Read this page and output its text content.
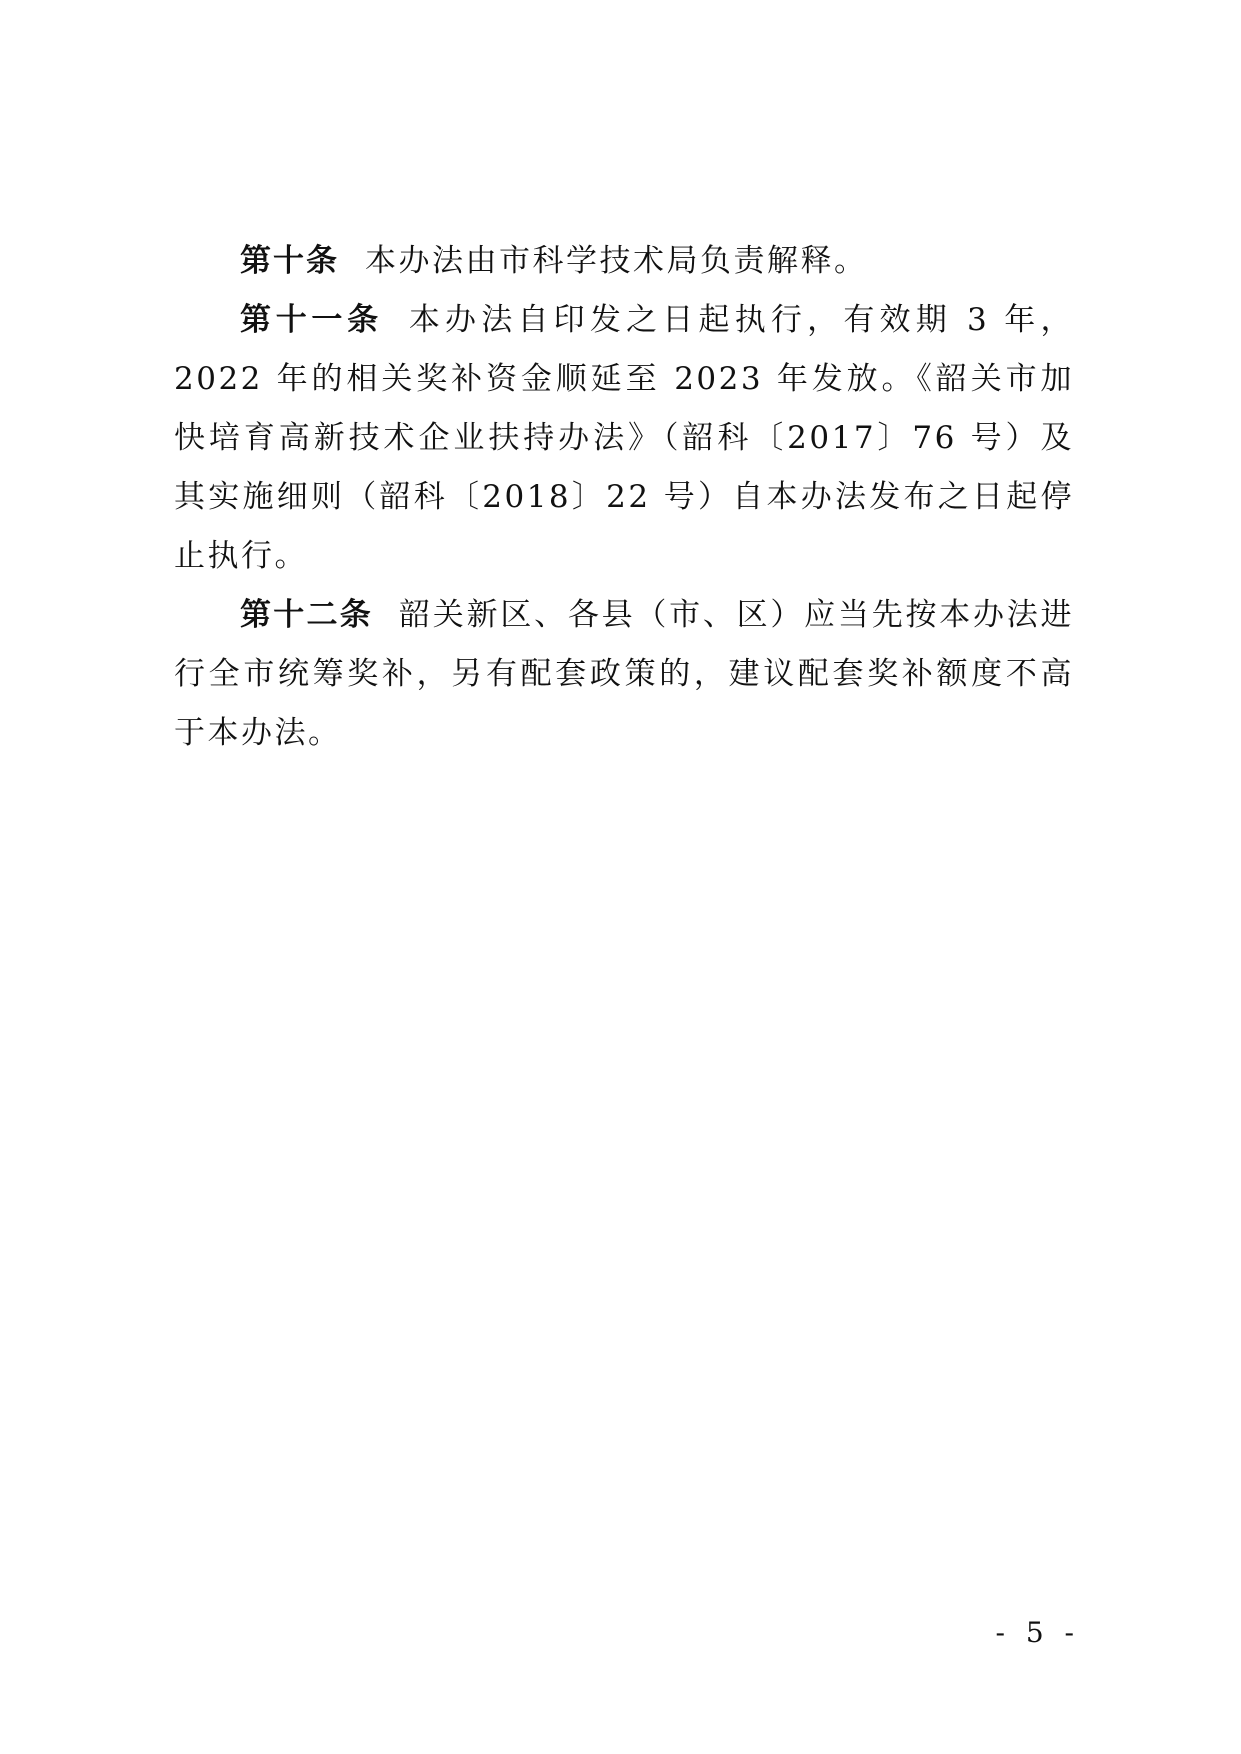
第十条 本办法由市科学技术局负责解释。

第十一条 本办法自印发之日起执行，有效期 3 年，2022 年的相关奖补资金顺延至 2023 年发放。《韶关市加快培育高新技术企业扶持办法》（韶科〔2017〕76 号）及其实施细则（韶科〔2018〕22 号）自本办法发布之日起停止执行。

第十二条 韶关新区、各县（市、区）应当先按本办法进行全市统筹奖补，另有配套政策的，建议配套奖补额度不高于本办法。

- 5 -
